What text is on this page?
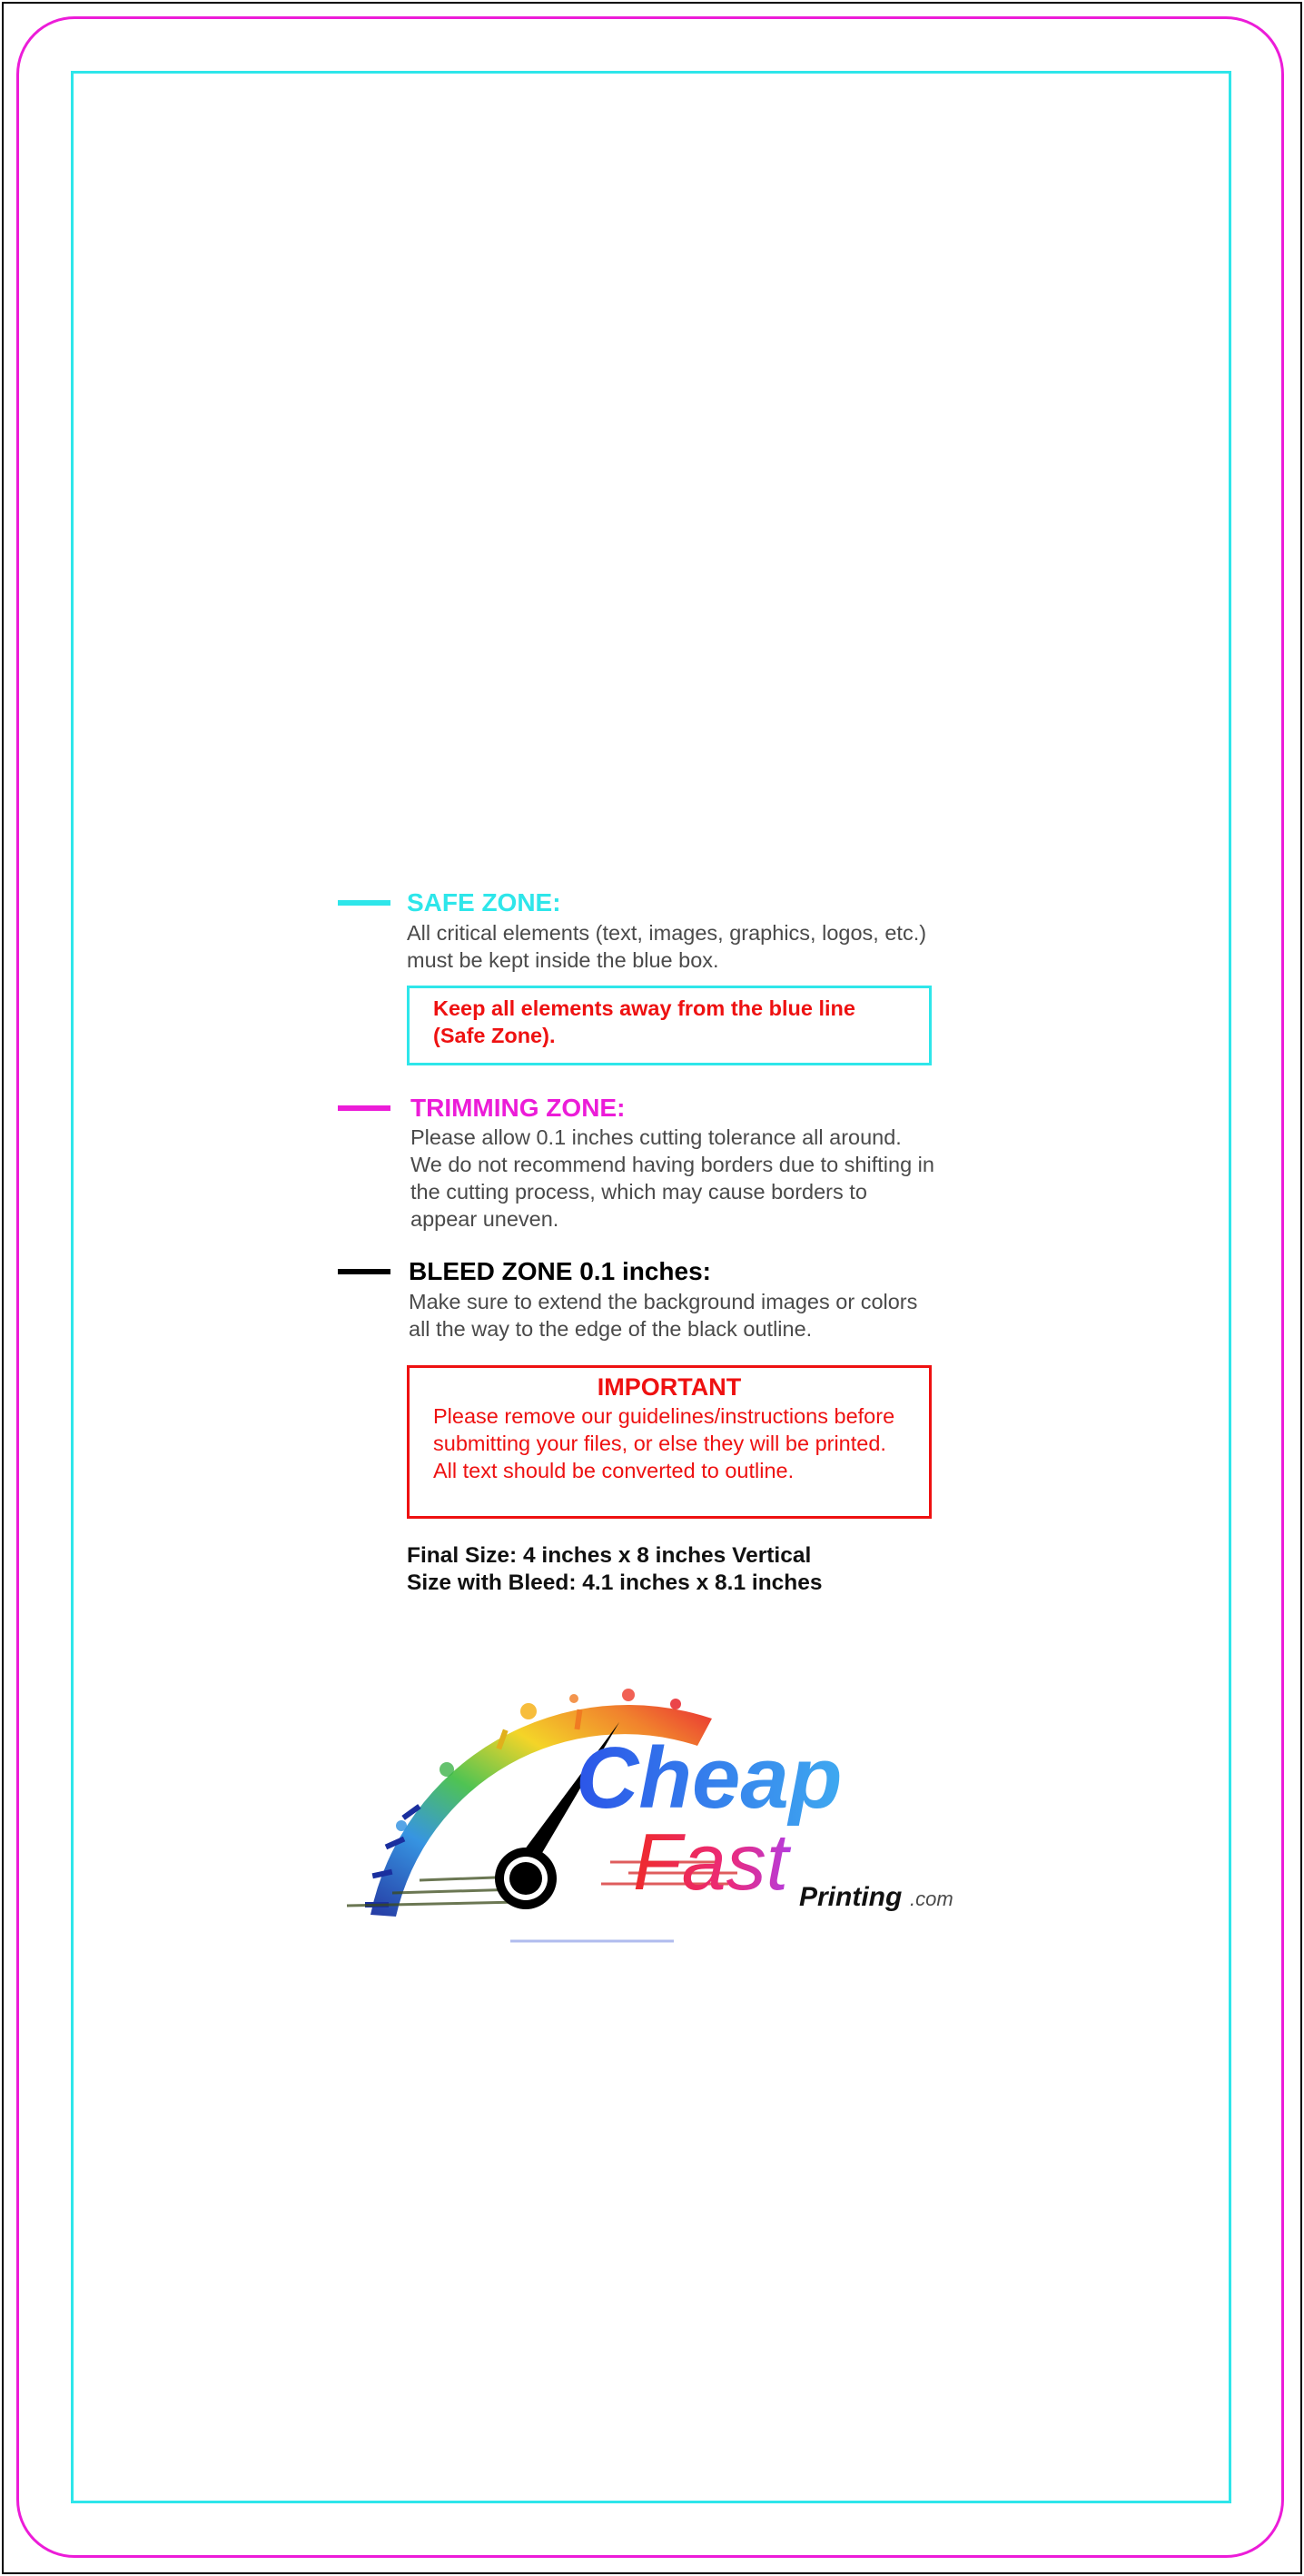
SAFE ZONE:

All critical elements (text, images, graphics, logos, etc.)
must be kept inside the blue box.

Keep all elements away from the blue line
(Safe Zone).
TRIMMING ZONE:

Please allow 0.1 inches cutting tolerance all around.
We do not recommend having borders due to shifting in
the cutting process, which may cause borders to
appear uneven.

BLEED ZONE 0.1 inches:

Make sure to extend the background images or colors
all the way to the edge of the black outline.

IMPORTANT
Please remove our guidelines/instructions before
submitting your files, or else they will be printed.
All text should be converted to outline.

Final Size: 4 inches x 8 inches Vertical
Size with Bleed: 4.1 inches x 8.1 inches

Cheap
Fast Printing .com
